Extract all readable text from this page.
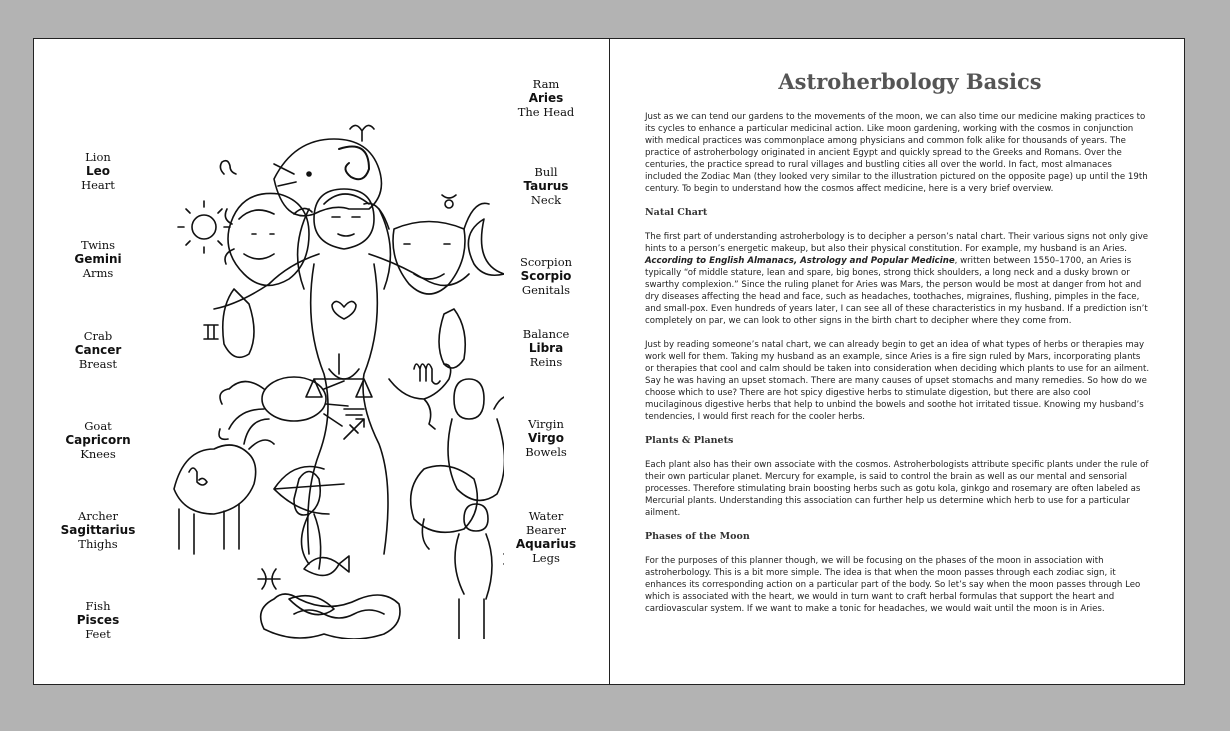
Ram
Aries
The Head
Lion
Leo
Heart
Bull
Taurus
Neck
Twins
Gemini
Arms
Scorpion
Scorpio
Genitals
Crab
Cancer
Breast
Balance
Libra
Reins
Goat
Capricorn
Knees
Virgin
Virgo
Bowels
Archer
Sagittarius
Thighs
Water
Bearer
Aquarius
Legs
Fish
Pisces
Feet
Astroherbology Basics

Just as we can tend our gardens to the movements of the moon, we can also time our medicine making practices to its cycles to enhance a particular medicinal action. Like moon gardening, working with the cosmos in conjunction with medical practices was commonplace among physicians and common folk alike for thousands of years. The practice of astroherbology originated in ancient Egypt and quickly spread to the Greeks and Romans. Over the centuries, the practice spread to rural villages and bustling cities all over the world. In fact, most almanaces included the Zodiac Man (they looked very similar to the illustration pictured on the opposite page) up until the 19th century. To begin to understand how the cosmos affect medicine, here is a very brief overview.

Natal Chart

The first part of understanding astroherbology is to decipher a person’s natal chart. Their various signs not only give hints to a person’s energetic makeup, but also their physical constitution. For example, my husband is an Aries. According to English Almanacs, Astrology and Popular Medicine, written between 1550–1700, an Aries is typically “of middle stature, lean and spare, big bones, strong thick shoulders, a long neck and a dusky brown or swarthy complexion.” Since the ruling planet for Aries was Mars, the person would be most at danger from hot and dry diseases affecting the head and face, such as headaches, toothaches, migraines, flushing, pimples in the face, and small-pox. Even hundreds of years later, I can see all of these characteristics in my husband. If a prediction isn’t completely on par, we can look to other signs in the birth chart to decipher where they come from.

Just by reading someone’s natal chart, we can already begin to get an idea of what types of herbs or therapies may work well for them. Taking my husband as an example, since Aries is a fire sign ruled by Mars, incorporating plants or therapies that cool and calm should be taken into consideration when deciding which plants to use for an ailment. Say he was having an upset stomach. There are many causes of upset stomachs and many remedies. So how do we choose which to use? There are hot spicy digestive herbs to stimulate digestion, but there are also cool mucilaginous digestive herbs that help to unbind the bowels and soothe hot irritated tissue. Knowing my husband’s tendencies, I would first reach for the cooler herbs.

Plants & Planets

Each plant also has their own associate with the cosmos. Astroherbologists attribute specific plants under the rule of their own particular planet. Mercury for example, is said to control the brain as well as our mental and sensorial processes. Therefore stimulating brain boosting herbs such as gotu kola, ginkgo and rosemary are often labeled as Mercurial plants. Understanding this association can further help us determine which herb to use for a particular ailment.

Phases of the Moon

For the purposes of this planner though, we will be focusing on the phases of the moon in association with astroherbology. This is a bit more simple. The idea is that when the moon passes through each zodiac sign, it enhances its corresponding action on a particular part of the body. So let’s say when the moon passes through Leo which is associated with the heart, we would in turn want to craft herbal formulas that support the heart and cardiovascular system. If we want to make a tonic for headaches, we would wait until the moon is in Aries.
